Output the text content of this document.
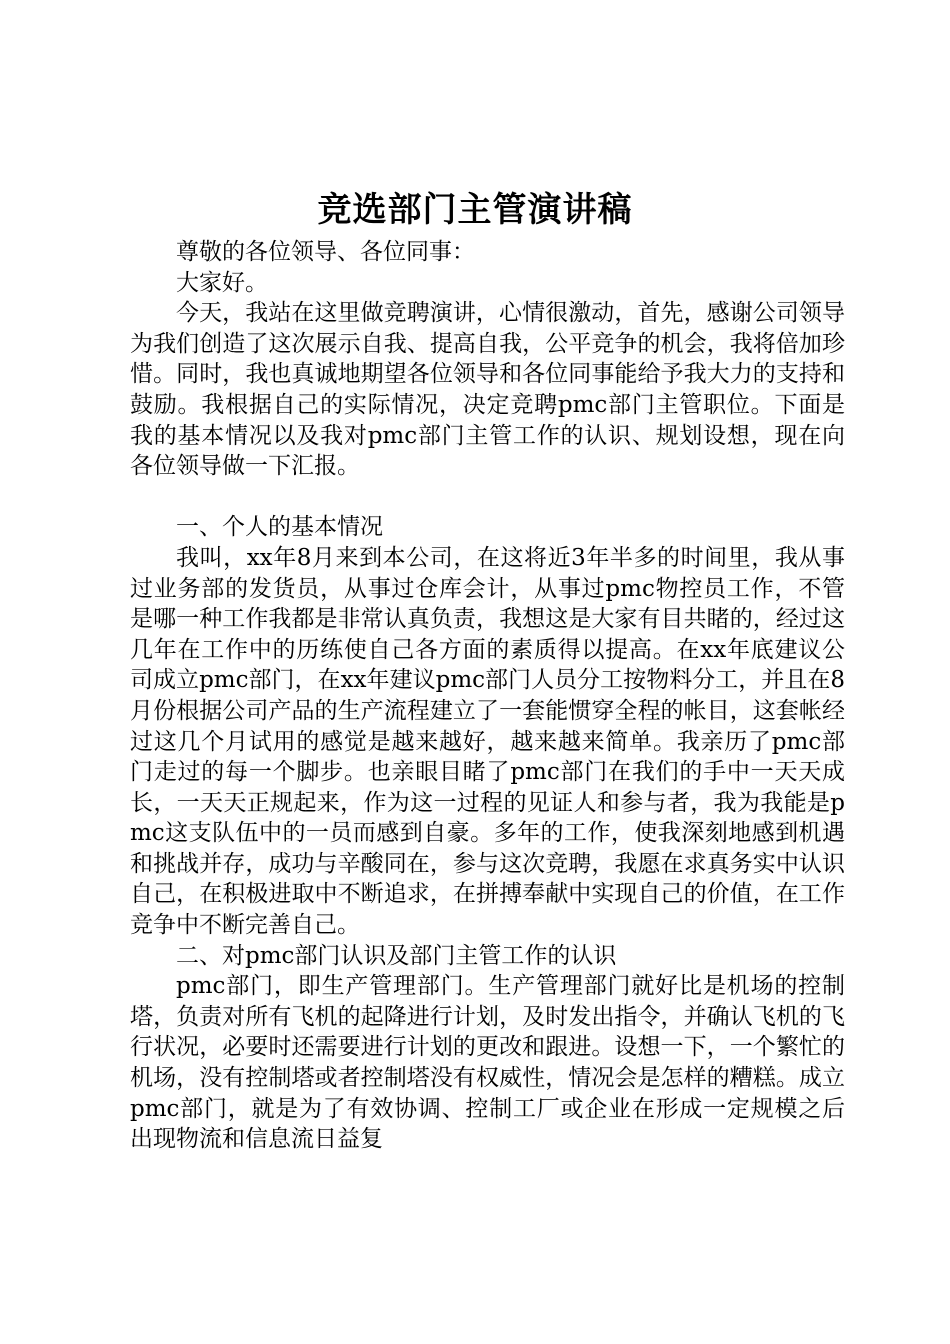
竞选部门主管演讲稿

尊敬的各位领导、各位同事：

大家好。

今天，我站在这里做竞聘演讲，心情很激动，首先，感谢公司领导为我们创造了这次展示自我、提高自我，公平竞争的机会，我将倍加珍惜。同时，我也真诚地期望各位领导和各位同事能给予我大力的支持和鼓励。我根据自己的实际情况，决定竞聘pmc部门主管职位。下面是我的基本情况以及我对pmc部门主管工作的认识、规划设想，现在向各位领导做一下汇报。

一、个人的基本情况

我叫，xx年8月来到本公司，在这将近3年半多的时间里，我从事过业务部的发货员，从事过仓库会计，从事过pmc物控员工作，不管是哪一种工作我都是非常认真负责，我想这是大家有目共睹的，经过这几年在工作中的历练使自己各方面的素质得以提高。在xx年底建议公司成立pmc部门，在xx年建议pmc部门人员分工按物料分工，并且在8月份根据公司产品的生产流程建立了一套能惯穿全程的帐目，这套帐经过这几个月试用的感觉是越来越好，越来越来简单。我亲历了pmc部门走过的每一个脚步。也亲眼目睹了pmc部门在我们的手中一天天成长，一天天正规起来，作为这一过程的见证人和参与者，我为我能是pmc这支队伍中的一员而感到自豪。多年的工作，使我深刻地感到机遇和挑战并存，成功与辛酸同在，参与这次竞聘，我愿在求真务实中认识自己，在积极进取中不断追求，在拼搏奉献中实现自己的价值，在工作竞争中不断完善自己。

二、对pmc部门认识及部门主管工作的认识

pmc部门，即生产管理部门。生产管理部门就好比是机场的控制塔，负责对所有飞机的起降进行计划，及时发出指令，并确认飞机的飞行状况，必要时还需要进行计划的更改和跟进。设想一下，一个繁忙的机场，没有控制塔或者控制塔没有权威性，情况会是怎样的糟糕。成立pmc部门，就是为了有效协调、控制工厂或企业在形成一定规模之后出现物流和信息流日益复
